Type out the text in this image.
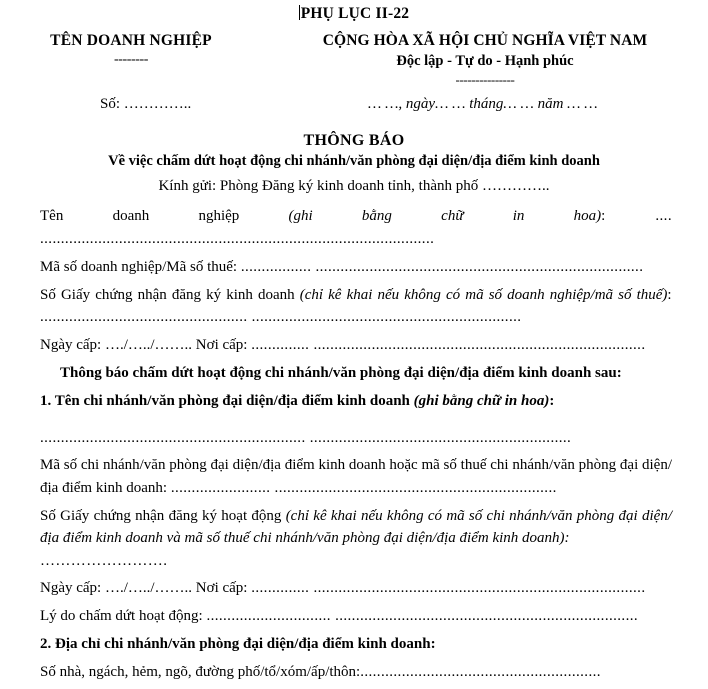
PHỤ LỤC II-22
TÊN DOANH NGHIỆP
--------
CỘNG HÒA XÃ HỘI CHỦ NGHĨA VIỆT NAM
Độc lập - Tự do - Hạnh phúc
---------------
Số: …………..	… …, ngày… … tháng… … năm … …
THÔNG BÁO
Về việc chấm dứt hoạt động chi nhánh/văn phòng đại diện/địa điểm kinh doanh
Kính gửi: Phòng Đăng ký kinh doanh tỉnh, thành phố …………..

Tên doanh nghiệp (ghi bằng chữ in hoa): .... ...............................................................................................

Mã số doanh nghiệp/Mã số thuế: ................. ...............................................................................

Số Giấy chứng nhận đăng ký kinh doanh (chỉ kê khai nếu không có mã số doanh nghiệp/mã số thuế): .................................................. .................................................................

Ngày cấp: …./…../…….. Nơi cấp: .............. ................................................................................

Thông báo chấm dứt hoạt động chi nhánh/văn phòng đại diện/địa điểm kinh doanh sau:

1. Tên chi nhánh/văn phòng đại diện/địa điểm kinh doanh (ghi bằng chữ in hoa):

................................................................ ...............................................................

Mã số chi nhánh/văn phòng đại diện/địa điểm kinh doanh hoặc mã số thuế chi nhánh/văn phòng đại diện/địa điểm kinh doanh: ........................ ....................................................................

Số Giấy chứng nhận đăng ký hoạt động (chỉ kê khai nếu không có mã số chi nhánh/văn phòng đại diện/địa điểm kinh doanh và mã số thuế chi nhánh/văn phòng đại diện/địa điểm kinh doanh):

…………………….

Ngày cấp: …./…../…….. Nơi cấp: .............. ................................................................................

Lý do chấm dứt hoạt động: .............................. .........................................................................

2. Địa chỉ chi nhánh/văn phòng đại diện/địa điểm kinh doanh:

Số nhà, ngách, hẻm, ngõ, đường phố/tổ/xóm/ấp/thôn:..........................................................
